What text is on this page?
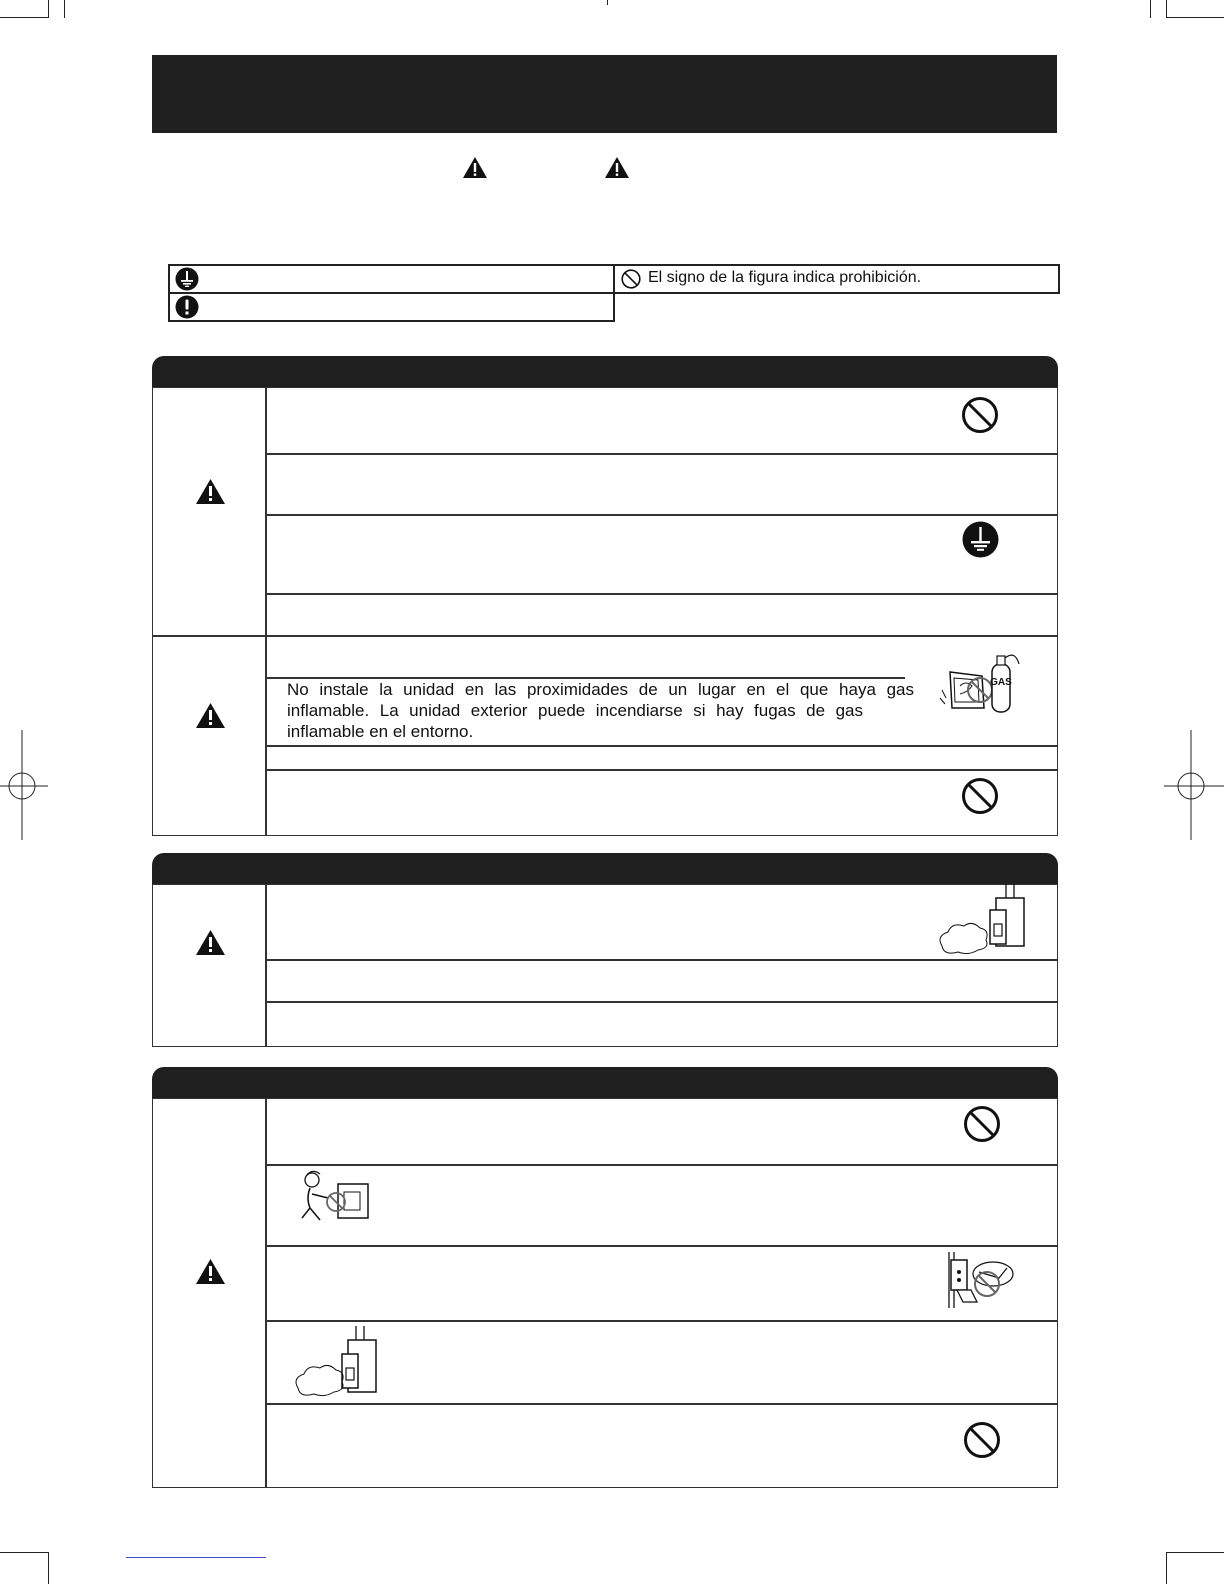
El signo de la figura indica prohibición.
No instale la unidad en las proximidades de un lugar en el que haya gas
inflamable. La unidad exterior puede incendiarse si hay fugas de gas
inflamable en el entorno.
GAS
